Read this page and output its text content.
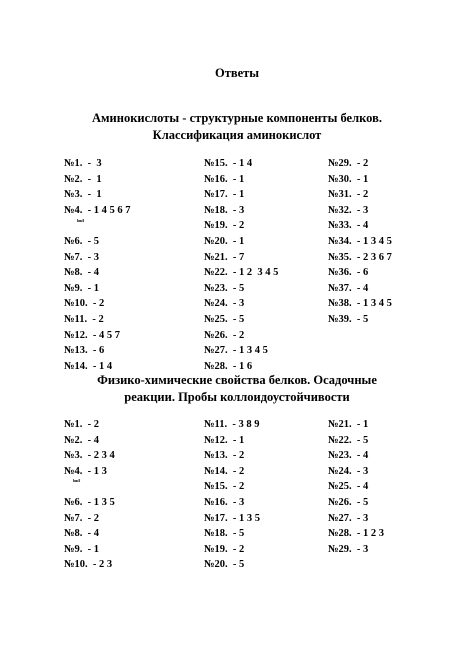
Ответы
Аминокислоты - структурные компоненты белков.
Классификация аминокислот
ᵇᵘᵛ³
№1.  -  3
№2.  -  1
№3.  -  1
№4.  - 1 4 5 6 7
№6.  - 5
№7.  - 3
№8.  - 4
№9.  - 1
№10.  - 2
№11.  - 2
№12.  - 4 5 7
№13.  - 6
№14.  - 1 4
№15.  - 1 4
№16.  - 1
№17.  - 1
№18.  - 3
№19.  - 2
№20.  - 1
№21.  - 7
№22.  - 1 2  3 4 5
№23.  - 5
№24.  - 3
№25.  - 5
№26.  - 2
№27.  - 1 3 4 5
№28.  - 1 6
№29.  - 2
№30.  - 1
№31.  - 2
№32.  - 3
№33.  - 4
№34.  - 1 3 4 5
№35.  - 2 3 6 7
№36.  - 6
№37.  - 4
№38.  - 1 3 4 5
№39.  - 5
Физико-химические свойства белков. Осадочные
реакции. Пробы коллоидоустойчивости
ᵇᵘᵛ³
№1.  - 2
№2.  - 4
№3.  - 2 3 4
№4.  - 1 3
№6.  - 1 3 5
№7.  - 2
№8.  - 4
№9.  - 1
№10.  - 2 3
№11.  - 3 8 9
№12.  - 1
№13.  - 2
№14.  - 2
№15.  - 2
№16.  - 3
№17.  - 1 3 5
№18.  - 5
№19.  - 2
№20.  - 5
№21.  - 1
№22.  - 5
№23.  - 4
№24.  - 3
№25.  - 4
№26.  - 5
№27.  - 3
№28.  - 1 2 3
№29.  - 3
